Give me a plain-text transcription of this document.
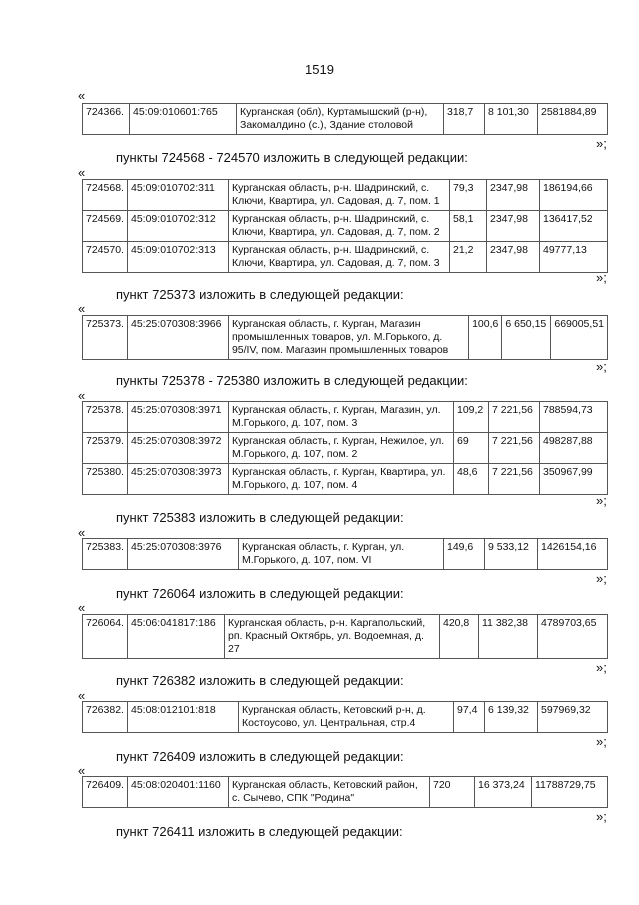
1519
«
724366.	45:09:010601:765	Курганская (обл), Куртамышский (р-н), Закомалдино (с.), Здание столовой	318,7	8 101,30	2581884,89
»;
пункты 724568 - 724570 изложить в следующей редакции:
«
724568.	45:09:010702:311	Курганская область, р-н. Шадринский, с. Ключи, Квартира, ул. Садовая, д. 7, пом. 1	79,3	2347,98	186194,66
724569.	45:09:010702:312	Курганская область, р-н. Шадринский, с. Ключи, Квартира, ул. Садовая, д. 7, пом. 2	58,1	2347,98	136417,52
724570.	45:09:010702:313	Курганская область, р-н. Шадринский, с. Ключи, Квартира, ул. Садовая, д. 7, пом. 3	21,2	2347,98	49777,13
»;
пункт 725373 изложить в следующей редакции:
«
725373.	45:25:070308:3966	Курганская область, г. Курган, Магазин промышленных товаров, ул. М.Горького, д. 95/IV, пом. Магазин промышленных товаров	100,6	6 650,15	669005,51
»;
пункты 725378 - 725380 изложить в следующей редакции:
«
725378.	45:25:070308:3971	Курганская область, г. Курган, Магазин, ул. М.Горького, д. 107, пом. 3	109,2	7 221,56	788594,73
725379.	45:25:070308:3972	Курганская область, г. Курган, Нежилое, ул. М.Горького, д. 107, пом. 2	69	7 221,56	498287,88
725380.	45:25:070308:3973	Курганская область, г. Курган, Квартира, ул. М.Горького, д. 107, пом. 4	48,6	7 221,56	350967,99
»;
пункт 725383 изложить в следующей редакции:
«
725383.	45:25:070308:3976	Курганская область, г. Курган, ул. М.Горького, д. 107, пом. VI	149,6	9 533,12	1426154,16
»;
пункт 726064 изложить в следующей редакции:
«
726064.	45:06:041817:186	Курганская область, р-н. Каргапольский, рп. Красный Октябрь, ул. Водоемная, д. 27	420,8	11 382,38	4789703,65
»;
пункт 726382 изложить в следующей редакции:
«
726382.	45:08:012101:818	Курганская область, Кетовский р-н, д. Костоусово, ул. Центральная, стр.4	97,4	6 139,32	597969,32
»;
пункт 726409 изложить в следующей редакции:
«
726409.	45:08:020401:1160	Курганская область, Кетовский район, с. Сычево, СПК "Родина"	720	16 373,24	11788729,75
»;
пункт 726411 изложить в следующей редакции:
